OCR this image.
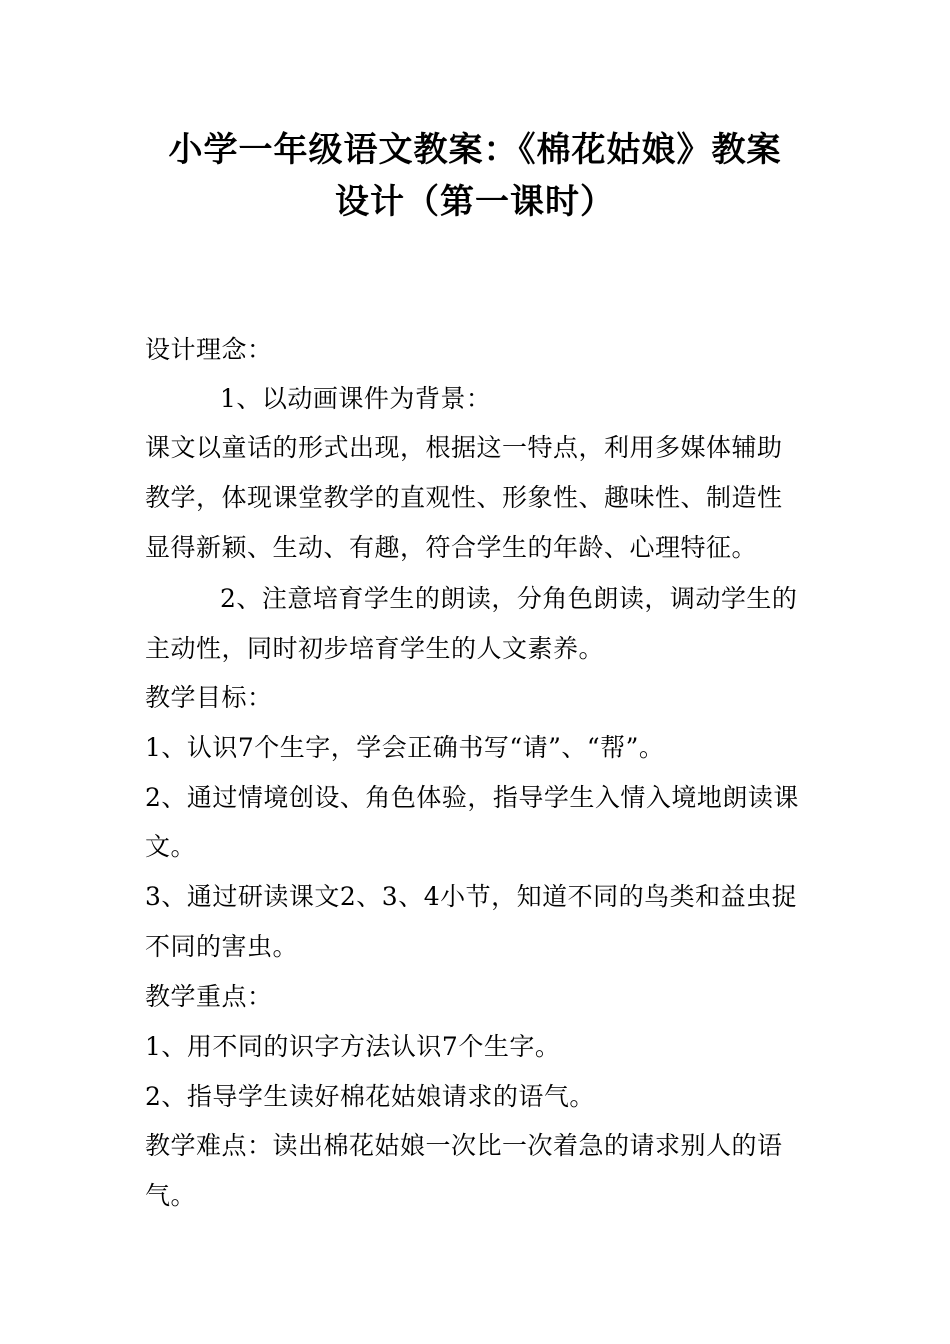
小学一年级语文教案：《棉花姑娘》教案
设计（第一课时）
设计理念：
1、以动画课件为背景：
课文以童话的形式出现，根据这一特点，利用多媒体辅助
教学，体现课堂教学的直观性、形象性、趣味性、制造性
显得新颖、生动、有趣，符合学生的年龄、心理特征。
2、注意培育学生的朗读，分角色朗读，调动学生的
主动性，同时初步培育学生的人文素养。
教学目标：
1、认识7个生字，学会正确书写“请”、“帮”。
2、通过情境创设、角色体验，指导学生入情入境地朗读课
文。
3、通过研读课文2、3、4小节，知道不同的鸟类和益虫捉
不同的害虫。
教学重点：
1、用不同的识字方法认识7个生字。
2、指导学生读好棉花姑娘请求的语气。
教学难点：读出棉花姑娘一次比一次着急的请求别人的语
气。
